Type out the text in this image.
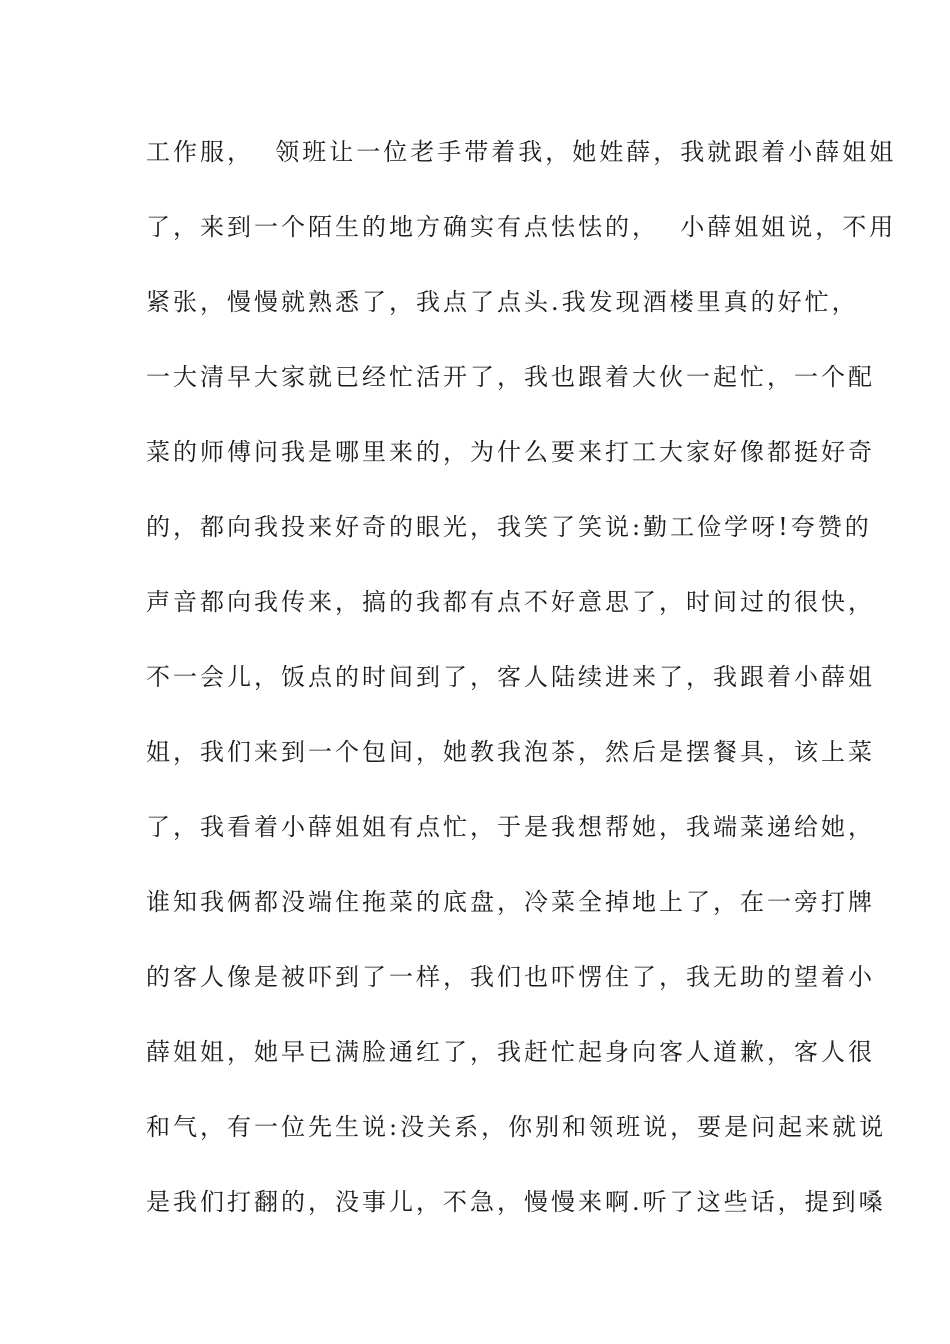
工作服，  领班让一位老手带着我，她姓薛，我就跟着小薛姐姐
了，来到一个陌生的地方确实有点怯怯的，  小薛姐姐说，不用
紧张，慢慢就熟悉了，我点了点头.我发现酒楼里真的好忙，
一大清早大家就已经忙活开了，我也跟着大伙一起忙，一个配
菜的师傅问我是哪里来的，为什么要来打工大家好像都挺好奇
的，都向我投来好奇的眼光，我笑了笑说:勤工俭学呀!夸赞的
声音都向我传来，搞的我都有点不好意思了，时间过的很快，
不一会儿，饭点的时间到了，客人陆续进来了，我跟着小薛姐
姐，我们来到一个包间，她教我泡茶，然后是摆餐具，该上菜
了，我看着小薛姐姐有点忙，于是我想帮她，我端菜递给她，
谁知我俩都没端住拖菜的底盘，冷菜全掉地上了，在一旁打牌
的客人像是被吓到了一样，我们也吓愣住了，我无助的望着小
薛姐姐，她早已满脸通红了，我赶忙起身向客人道歉，客人很
和气，有一位先生说:没关系，你别和领班说，要是问起来就说
是我们打翻的，没事儿，不急，慢慢来啊.听了这些话，提到嗓
